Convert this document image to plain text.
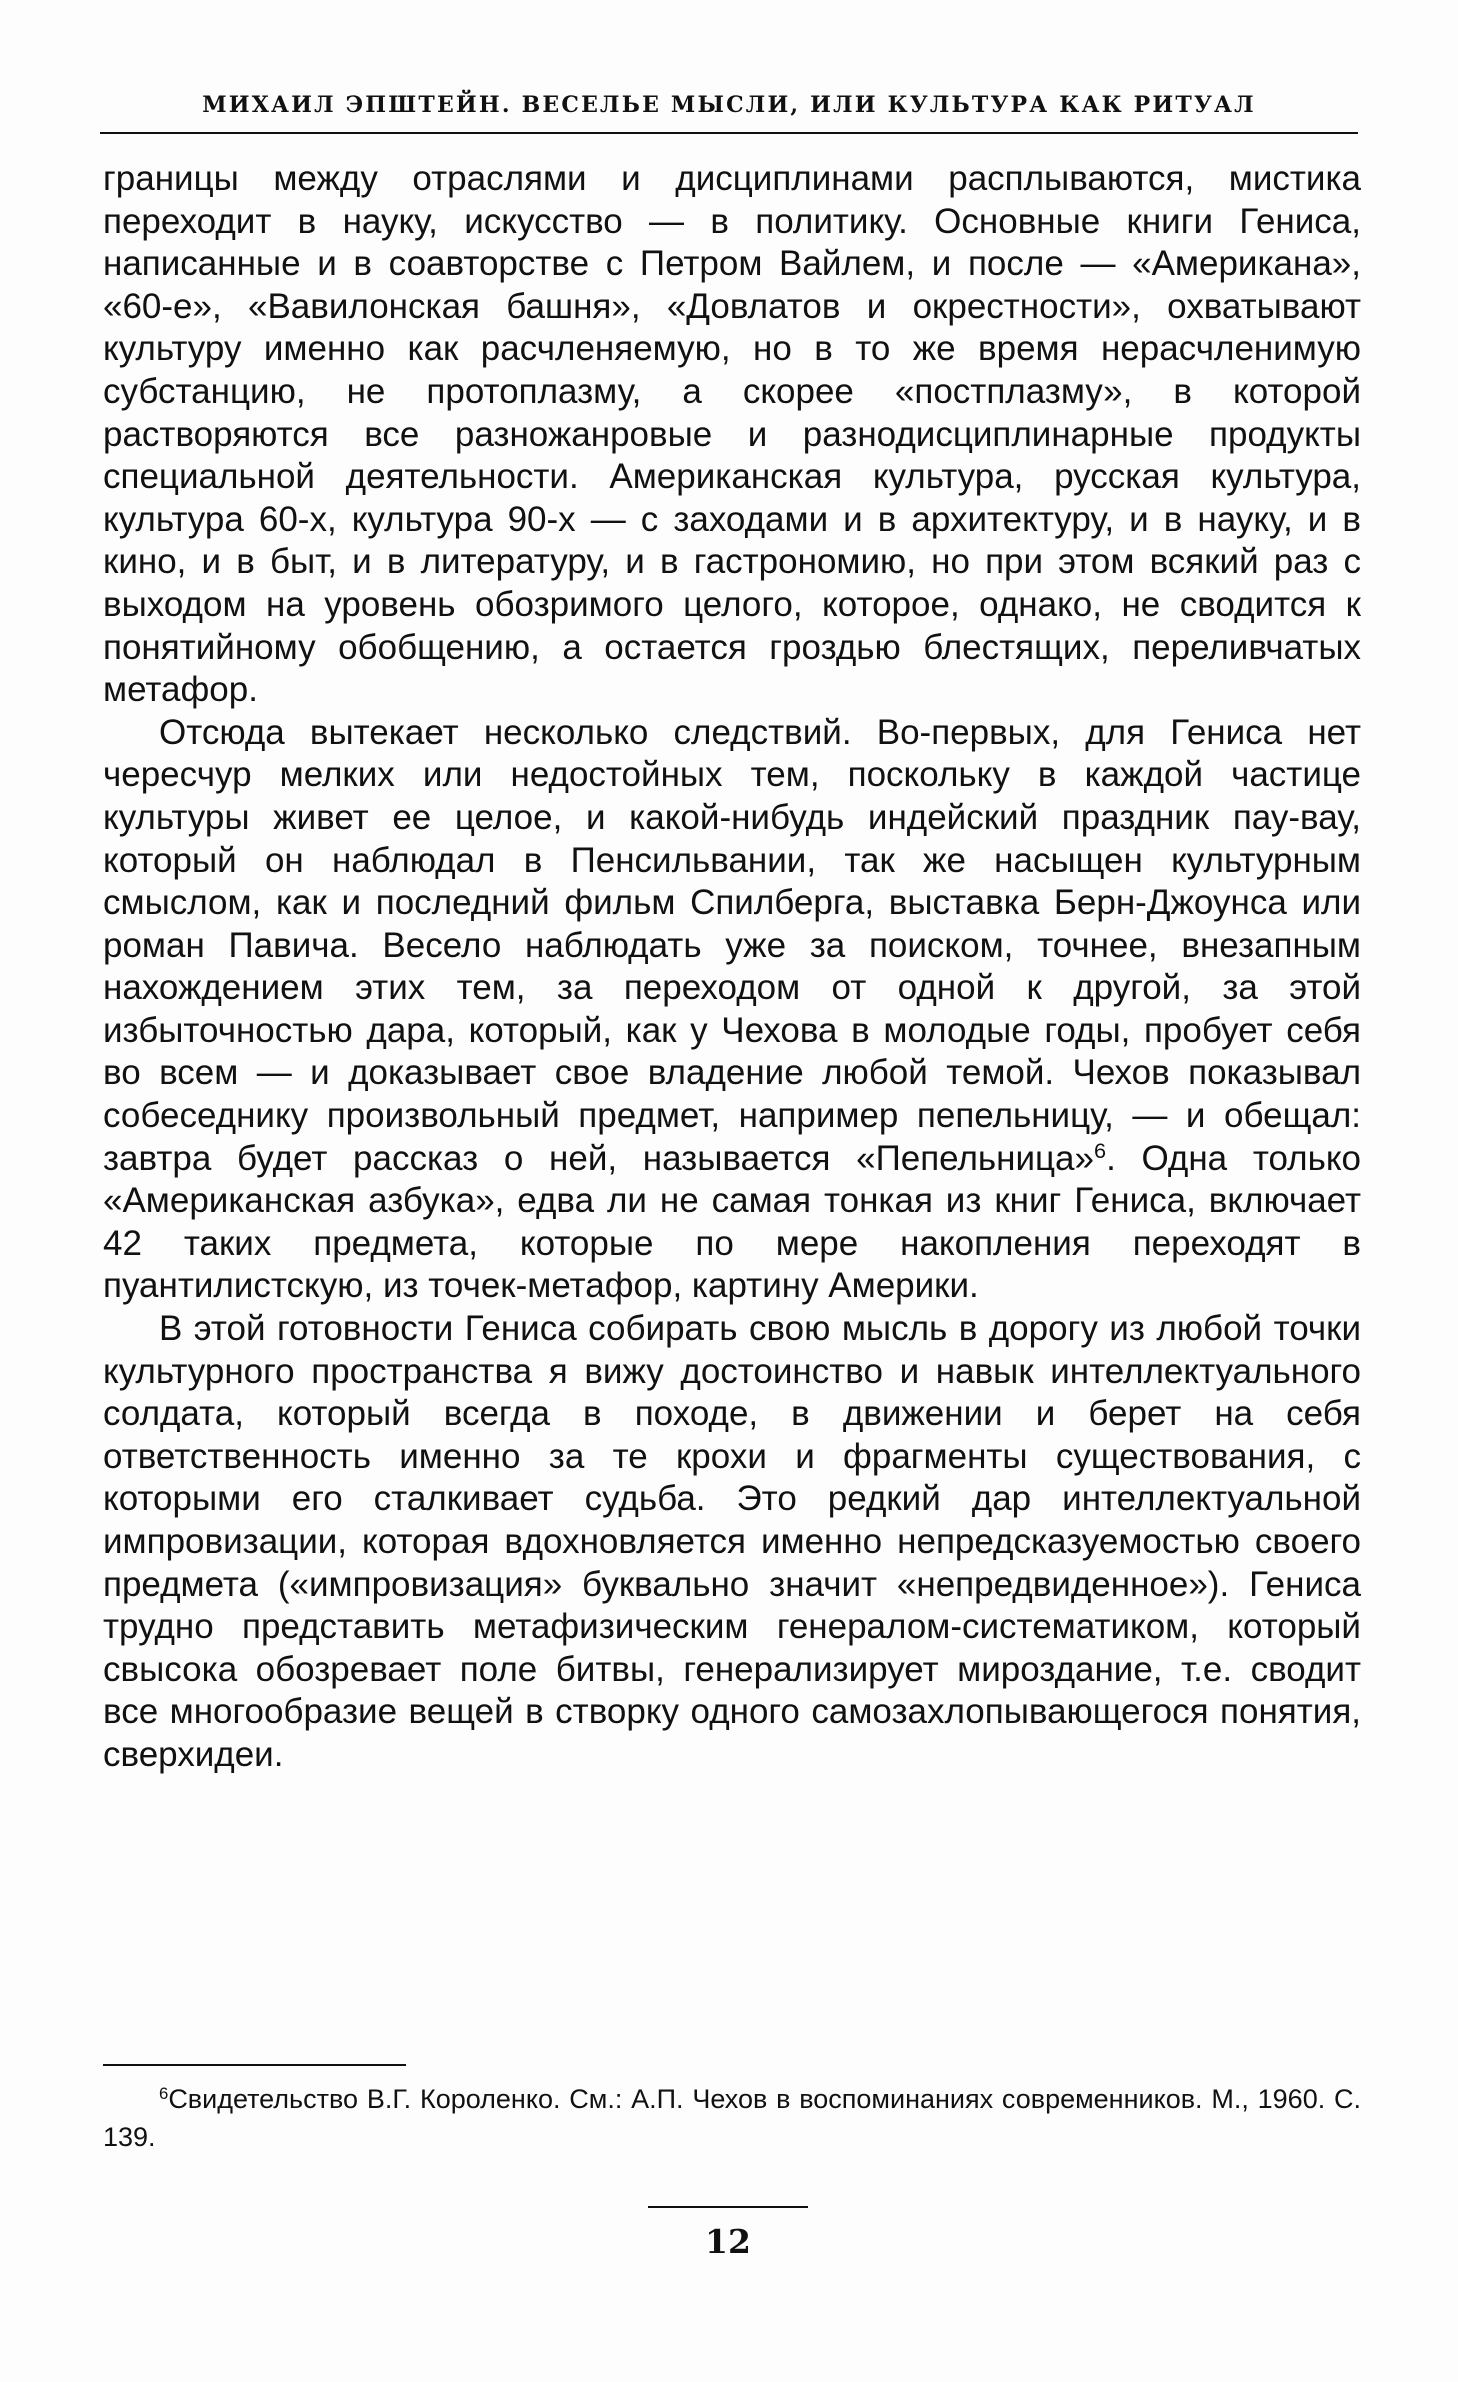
МИХАИЛ ЭПШТЕЙН. ВЕСЕЛЬЕ МЫСЛИ, ИЛИ КУЛЬТУРА КАК РИТУАЛ

границы между отраслями и дисциплинами расплываются, мистика переходит в науку, искусство — в политику. Основные книги Гениса, написанные и в соавторстве с Петром Вайлем, и после — «Американа», «60-е», «Вавилонская башня», «Довлатов и окрестности», охватывают культуру именно как расчленяемую, но в то же время нерасчленимую субстанцию, не протоплазму, а скорее «постплазму», в которой растворяются все разножанровые и разнодисциплинарные продукты специальной деятельности. Американская культура, русская культура, культура 60-х, культура 90-х — с заходами и в архитектуру, и в науку, и в кино, и в быт, и в литературу, и в гастрономию, но при этом всякий раз с выходом на уровень обозримого целого, которое, однако, не сводится к понятийному обобщению, а остается гроздью блестящих, переливчатых метафор.

Отсюда вытекает несколько следствий. Во-первых, для Гениса нет чересчур мелких или недостойных тем, поскольку в каждой частице культуры живет ее целое, и какой-нибудь индейский праздник пау-вау, который он наблюдал в Пенсильвании, так же насыщен культурным смыслом, как и последний фильм Спилберга, выставка Берн-Джоунса или роман Павича. Весело наблюдать уже за поиском, точнее, внезапным нахождением этих тем, за переходом от одной к другой, за этой избыточностью дара, который, как у Чехова в молодые годы, пробует себя во всем — и доказывает свое владение любой темой. Чехов показывал собеседнику произвольный предмет, например пепельницу, — и обещал: завтра будет рассказ о ней, называется «Пепельница»$^6$. Одна только «Американская азбука», едва ли не самая тонкая из книг Гениса, включает 42 таких предмета, которые по мере накопления переходят в пуантилистскую, из точек-метафор, картину Америки.

В этой готовности Гениса собирать свою мысль в дорогу из любой точки культурного пространства я вижу достоинство и навык интеллектуального солдата, который всегда в походе, в движении и берет на себя ответственность именно за те крохи и фрагменты существования, с которыми его сталкивает судьба. Это редкий дар интеллектуальной импровизации, которая вдохновляется именно непредсказуемостью своего предмета («импровизация» буквально значит «непредвиденное»). Гениса трудно представить метафизическим генералом-систематиком, который свысока обозревает поле битвы, генерализирует мироздание, т.е. сводит все многообразие вещей в створку одного самозахлопывающегося понятия, сверхидеи.

$^6$Свидетельство В.Г. Короленко. См.: А.П. Чехов в воспоминаниях современников. М., 1960. С. 139.

12
